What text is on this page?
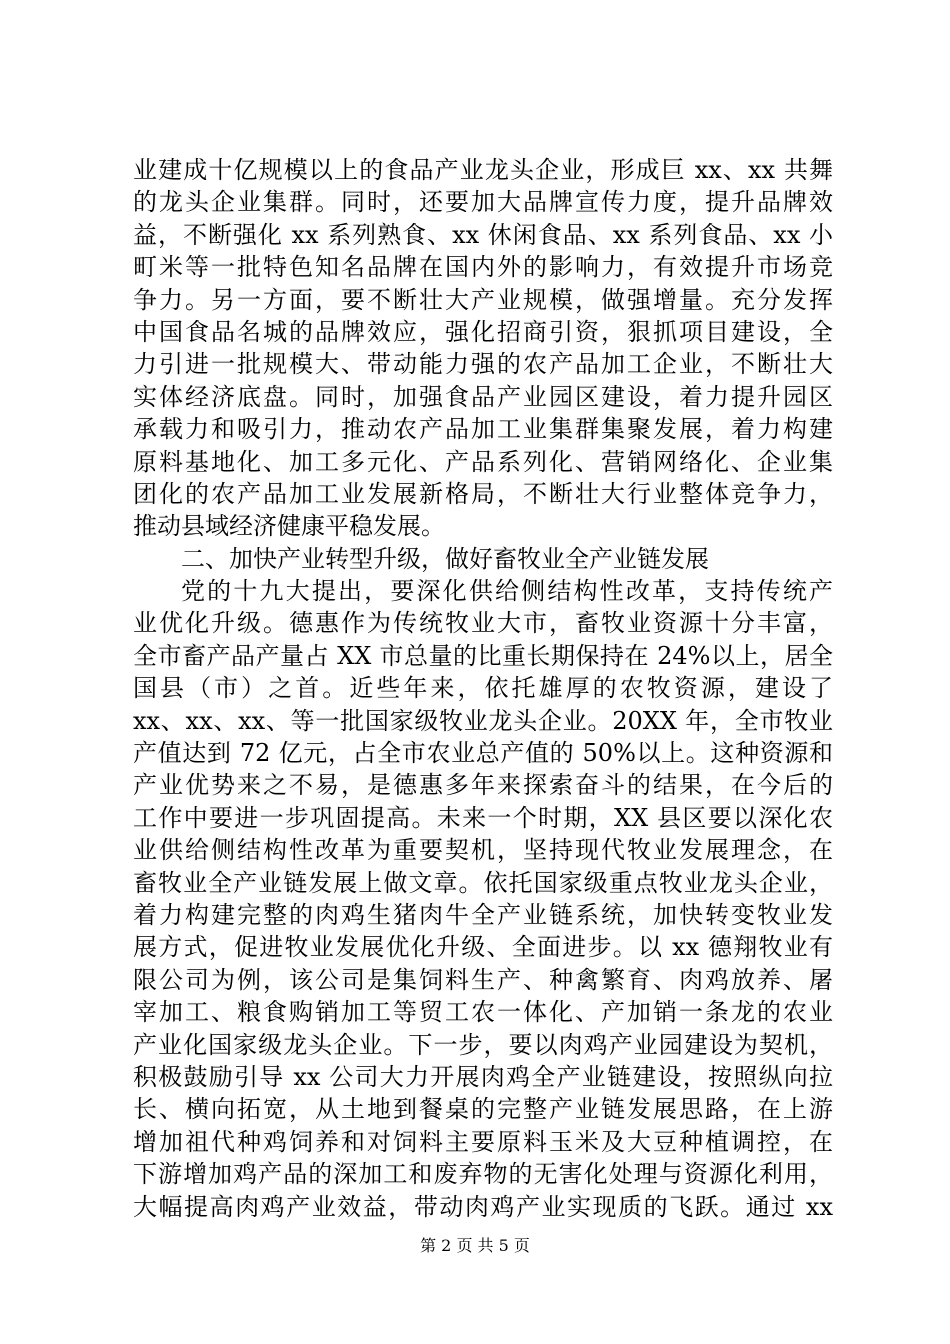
业建成十亿规模以上的食品产业龙头企业，形成巨 xx、xx 共舞
的龙头企业集群。同时，还要加大品牌宣传力度，提升品牌效
益，不断强化 xx 系列熟食、xx 休闲食品、xx 系列食品、xx 小
町米等一批特色知名品牌在国内外的影响力，有效提升市场竞
争力。另一方面，要不断壮大产业规模，做强增量。充分发挥
中国食品名城的品牌效应，强化招商引资，狠抓项目建设，全
力引进一批规模大、带动能力强的农产品加工企业，不断壮大
实体经济底盘。同时，加强食品产业园区建设，着力提升园区
承载力和吸引力，推动农产品加工业集群集聚发展，着力构建
原料基地化、加工多元化、产品系列化、营销网络化、企业集
团化的农产品加工业发展新格局，不断壮大行业整体竞争力，
推动县域经济健康平稳发展。
二、加快产业转型升级，做好畜牧业全产业链发展
党的十九大提出，要深化供给侧结构性改革，支持传统产
业优化升级。德惠作为传统牧业大市，畜牧业资源十分丰富，
全市畜产品产量占 XX 市总量的比重长期保持在 24%以上，居全
国县（市）之首。近些年来，依托雄厚的农牧资源，建设了
xx、xx、xx、等一批国家级牧业龙头企业。20XX 年，全市牧业
产值达到 72 亿元，占全市农业总产值的 50%以上。这种资源和
产业优势来之不易，是德惠多年来探索奋斗的结果，在今后的
工作中要进一步巩固提高。未来一个时期，XX 县区要以深化农
业供给侧结构性改革为重要契机，坚持现代牧业发展理念，在
畜牧业全产业链发展上做文章。依托国家级重点牧业龙头企业，
着力构建完整的肉鸡生猪肉牛全产业链系统，加快转变牧业发
展方式，促进牧业发展优化升级、全面进步。以 xx 德翔牧业有
限公司为例，该公司是集饲料生产、种禽繁育、肉鸡放养、屠
宰加工、粮食购销加工等贸工农一体化、产加销一条龙的农业
产业化国家级龙头企业。下一步，要以肉鸡产业园建设为契机，
积极鼓励引导 xx 公司大力开展肉鸡全产业链建设，按照纵向拉
长、横向拓宽，从土地到餐桌的完整产业链发展思路，在上游
增加祖代种鸡饲养和对饲料主要原料玉米及大豆种植调控，在
下游增加鸡产品的深加工和废弃物的无害化处理与资源化利用，
大幅提高肉鸡产业效益，带动肉鸡产业实现质的飞跃。通过 xx
第 2 页 共 5 页
